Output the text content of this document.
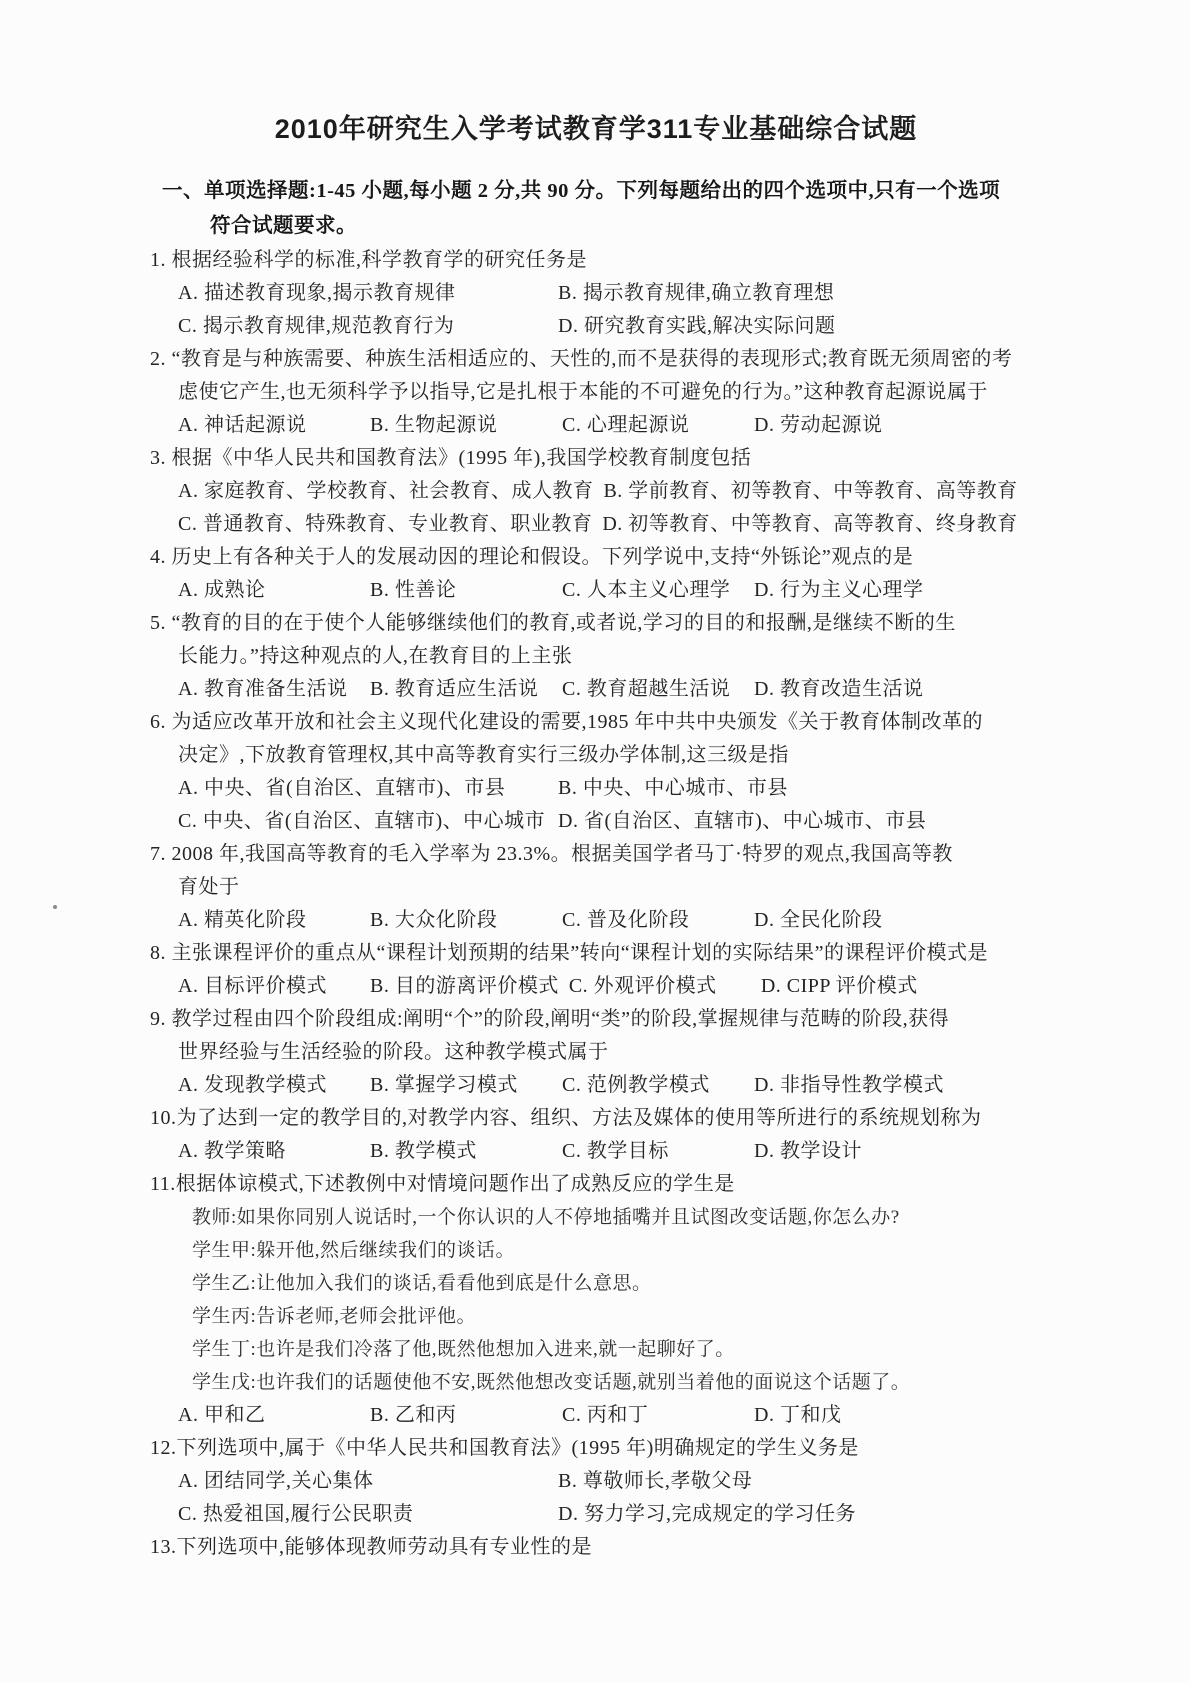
2010年研究生入学考试教育学311专业基础综合试题
一、单项选择题:1-45 小题,每小题 2 分,共 90 分。下列每题给出的四个选项中,只有一个选项
符合试题要求。
1. 根据经验科学的标准,科学教育学的研究任务是
A. 描述教育现象,揭示教育规律	B. 揭示教育规律,确立教育理想
C. 揭示教育规律,规范教育行为	D. 研究教育实践,解决实际问题
2. “教育是与种族需要、种族生活相适应的、天性的,而不是获得的表现形式;教育既无须周密的考
虑使它产生,也无须科学予以指导,它是扎根于本能的不可避免的行为。”这种教育起源说属于
A. 神话起源说	B. 生物起源说	C. 心理起源说	D. 劳动起源说
3. 根据《中华人民共和国教育法》(1995 年),我国学校教育制度包括
A. 家庭教育、学校教育、社会教育、成人教育 B. 学前教育、初等教育、中等教育、高等教育
C. 普通教育、特殊教育、专业教育、职业教育 D. 初等教育、中等教育、高等教育、终身教育
4. 历史上有各种关于人的发展动因的理论和假设。下列学说中,支持“外铄论”观点的是
A. 成熟论	B. 性善论	C. 人本主义心理学	D. 行为主义心理学
5. “教育的目的在于使个人能够继续他们的教育,或者说,学习的目的和报酬,是继续不断的生
长能力。”持这种观点的人,在教育目的上主张
A. 教育准备生活说	B. 教育适应生活说	C. 教育超越生活说	D. 教育改造生活说
6. 为适应改革开放和社会主义现代化建设的需要,1985 年中共中央颁发《关于教育体制改革的
决定》,下放教育管理权,其中高等教育实行三级办学体制,这三级是指
A. 中央、省(自治区、直辖市)、市县	B. 中央、中心城市、市县
C. 中央、省(自治区、直辖市)、中心城市 D. 省(自治区、直辖市)、中心城市、市县
7. 2008 年,我国高等教育的毛入学率为 23.3%。根据美国学者马丁·特罗的观点,我国高等教
育处于
A. 精英化阶段	B. 大众化阶段	C. 普及化阶段	D. 全民化阶段
8. 主张课程评价的重点从“课程计划预期的结果”转向“课程计划的实际结果”的课程评价模式是
A. 目标评价模式	B. 目的游离评价模式 C. 外观评价模式	D. CIPP 评价模式
9. 教学过程由四个阶段组成:阐明“个”的阶段,阐明“类”的阶段,掌握规律与范畴的阶段,获得
世界经验与生活经验的阶段。这种教学模式属于
A. 发现教学模式	B. 掌握学习模式	C. 范例教学模式	D. 非指导性教学模式
10.为了达到一定的教学目的,对教学内容、组织、方法及媒体的使用等所进行的系统规划称为
A. 教学策略	B. 教学模式	C. 教学目标	D. 教学设计
11.根据体谅模式,下述教例中对情境问题作出了成熟反应的学生是
教师:如果你同别人说话时,一个你认识的人不停地插嘴并且试图改变话题,你怎么办?
学生甲:躲开他,然后继续我们的谈话。
学生乙:让他加入我们的谈话,看看他到底是什么意思。
学生丙:告诉老师,老师会批评他。
学生丁:也许是我们冷落了他,既然他想加入进来,就一起聊好了。
学生戊:也许我们的话题使他不安,既然他想改变话题,就别当着他的面说这个话题了。
A. 甲和乙	B. 乙和丙	C. 丙和丁	D. 丁和戊
12.下列选项中,属于《中华人民共和国教育法》(1995 年)明确规定的学生义务是
A. 团结同学,关心集体	B. 尊敬师长,孝敬父母
C. 热爱祖国,履行公民职责	D. 努力学习,完成规定的学习任务
13.下列选项中,能够体现教师劳动具有专业性的是
